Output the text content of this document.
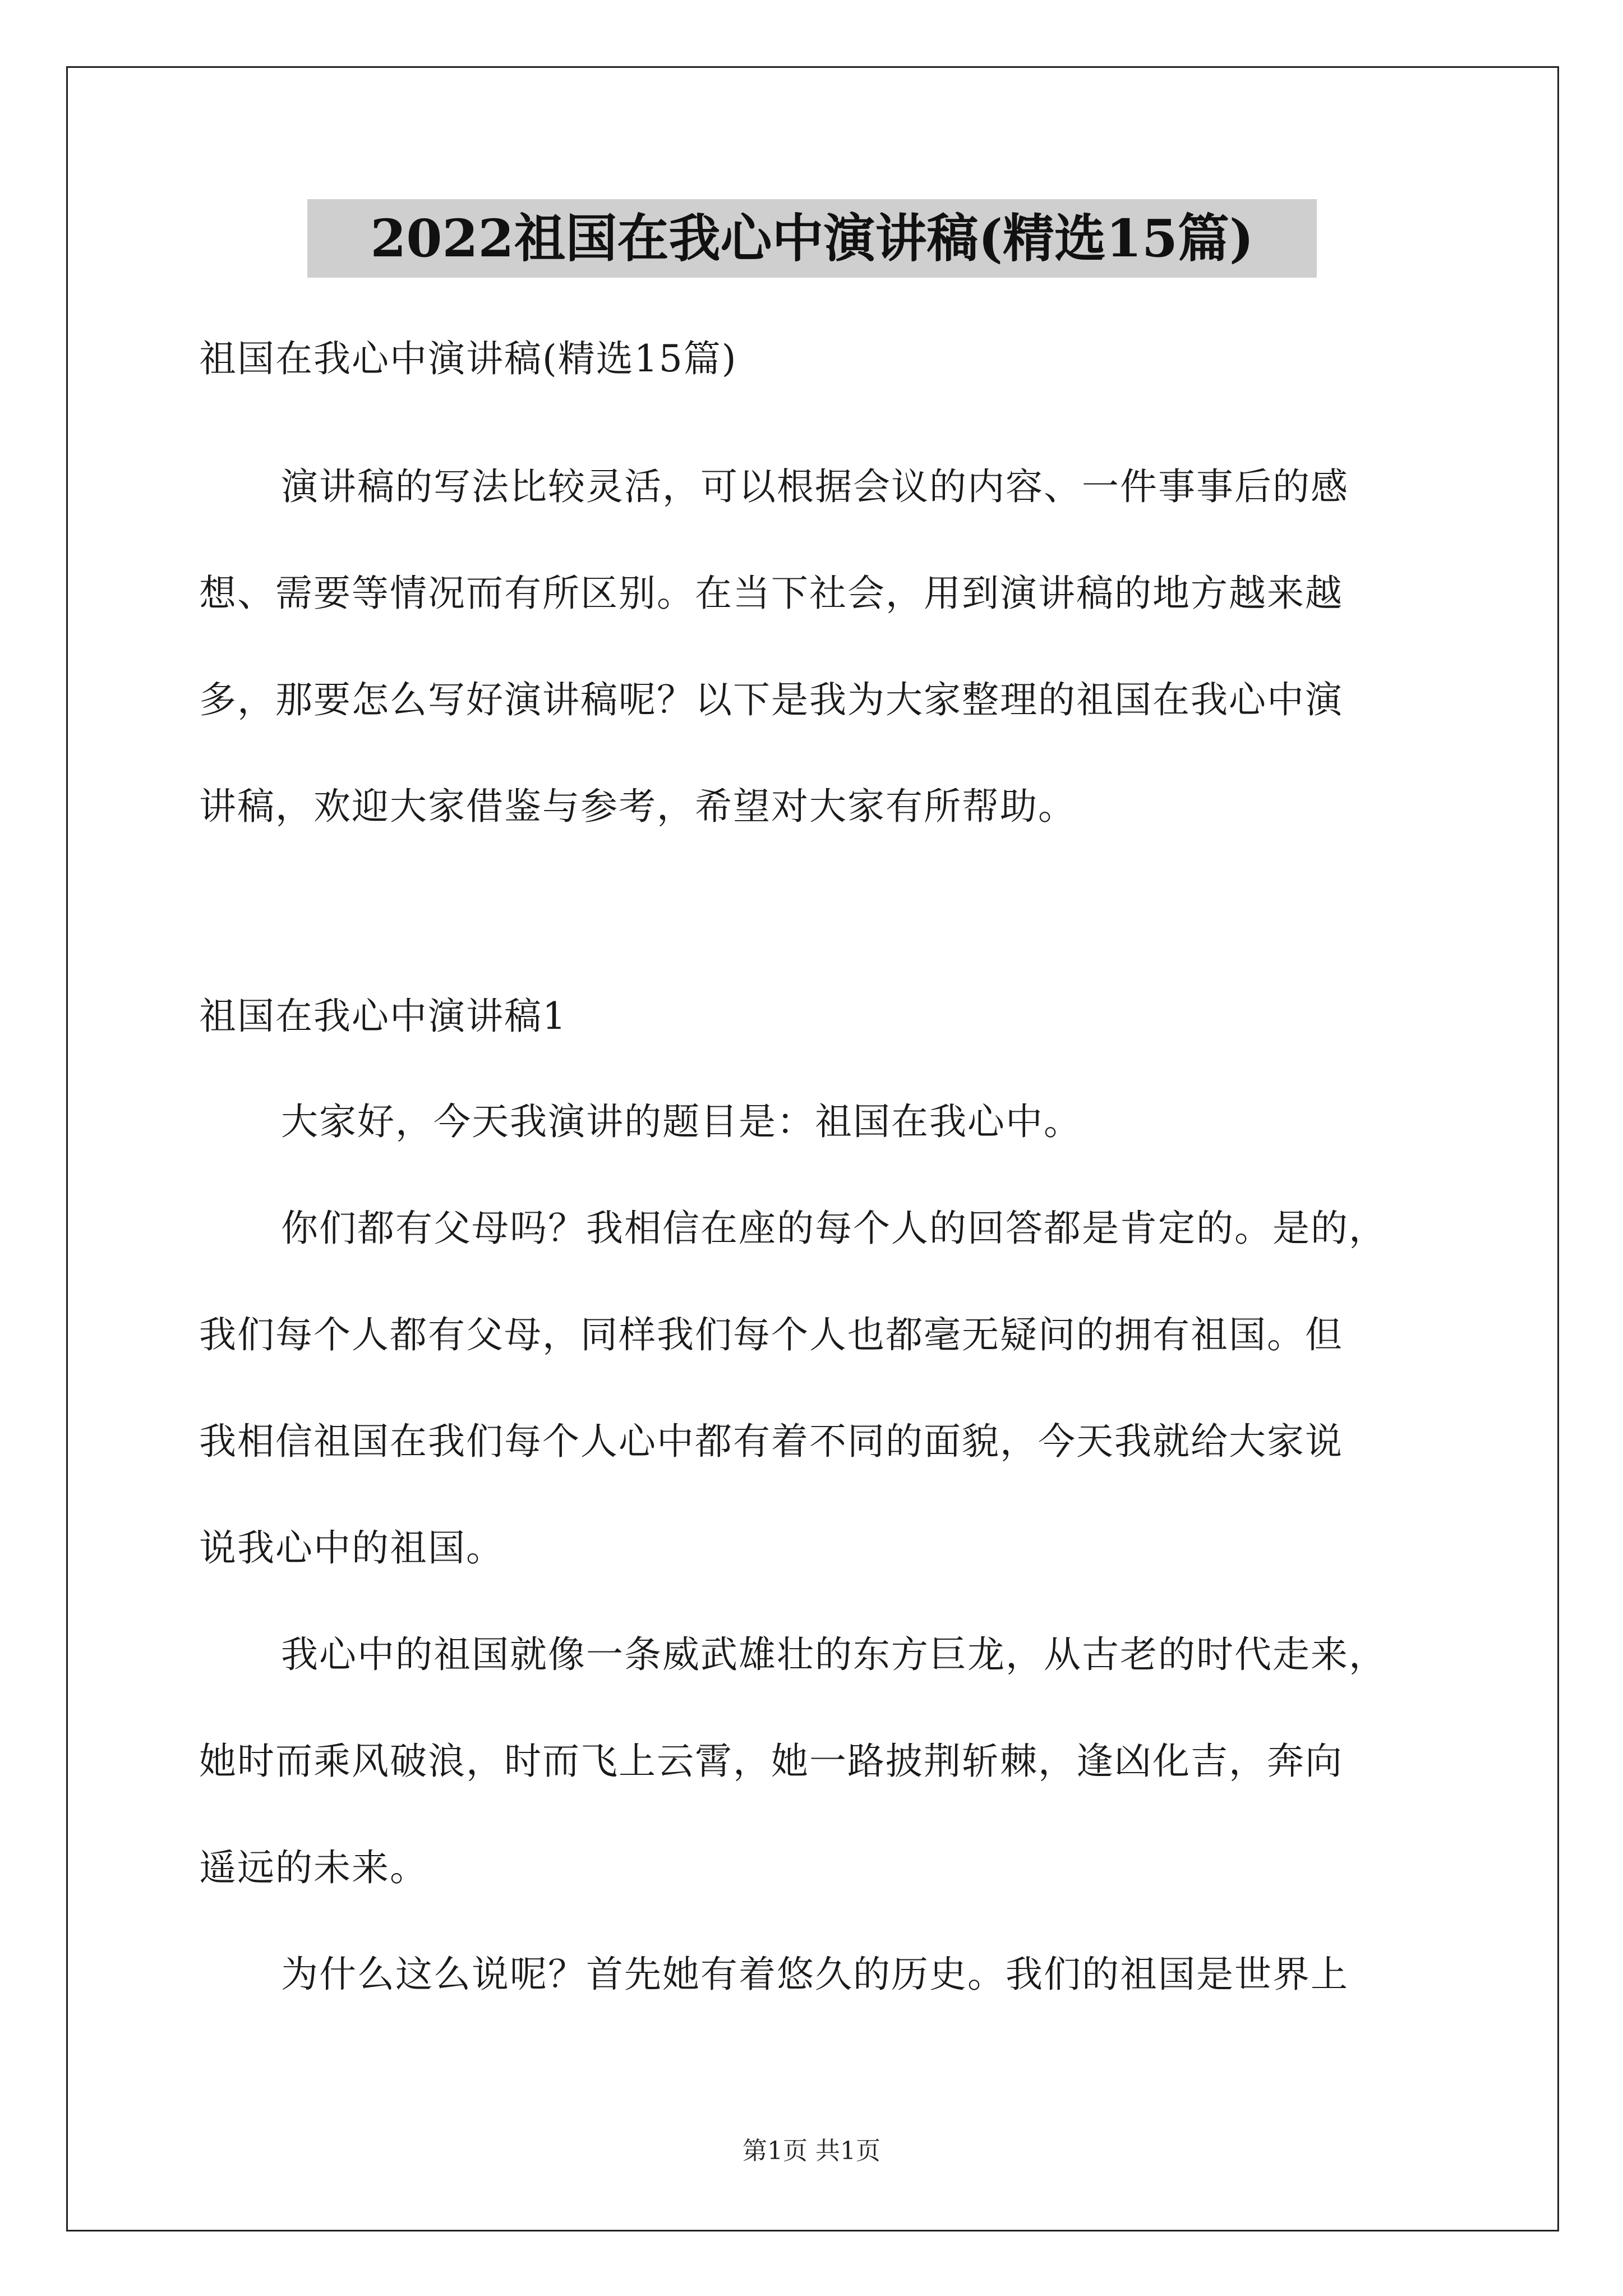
2022祖国在我心中演讲稿(精选15篇)
祖国在我心中演讲稿(精选15篇)
演讲稿的写法比较灵活，可以根据会议的内容、一件事事后的感
想、需要等情况而有所区别。在当下社会，用到演讲稿的地方越来越
多，那要怎么写好演讲稿呢？以下是我为大家整理的祖国在我心中演
讲稿，欢迎大家借鉴与参考，希望对大家有所帮助。
祖国在我心中演讲稿1
大家好，今天我演讲的题目是：祖国在我心中。
你们都有父母吗？我相信在座的每个人的回答都是肯定的。是的，
我们每个人都有父母，同样我们每个人也都毫无疑问的拥有祖国。但
我相信祖国在我们每个人心中都有着不同的面貌，今天我就给大家说
说我心中的祖国。
我心中的祖国就像一条威武雄壮的东方巨龙，从古老的时代走来，
她时而乘风破浪，时而飞上云霄，她一路披荆斩棘，逢凶化吉，奔向
遥远的未来。
为什么这么说呢？首先她有着悠久的历史。我们的祖国是世界上
第1页 共1页
